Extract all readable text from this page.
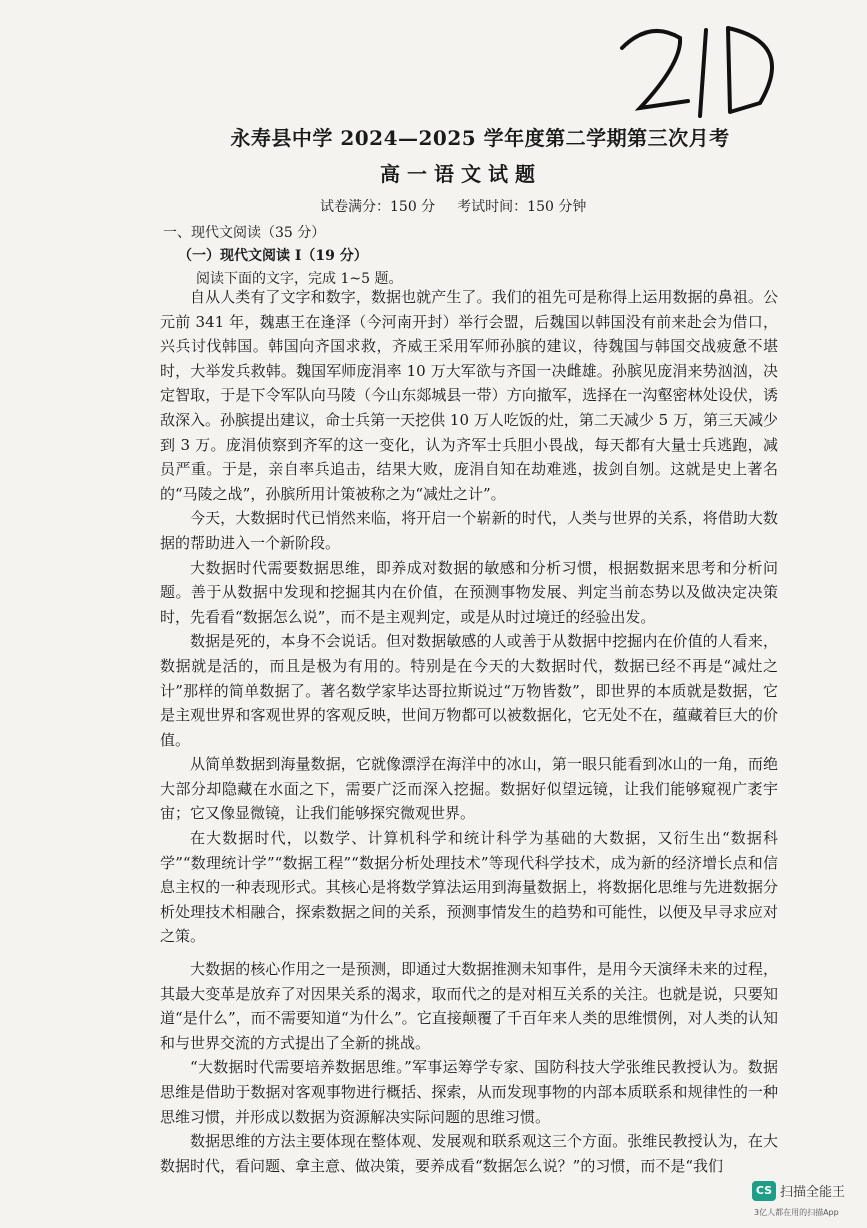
永寿县中学 2024—2025 学年度第二学期第三次月考
高一语文试题
试卷满分：150 分 考试时间：150 分钟
一、现代文阅读（35 分）
（一）现代文阅读 Ⅰ（19 分）
阅读下面的文字，完成 1~5 题。

自从人类有了文字和数字，数据也就产生了。我们的祖先可是称得上运用数据的鼻祖。公元前 341 年，魏惠王在逢泽（今河南开封）举行会盟，后魏国以韩国没有前来赴会为借口，兴兵讨伐韩国。韩国向齐国求救，齐威王采用军师孙膑的建议，待魏国与韩国交战疲惫不堪时，大举发兵救韩。魏国军师庞涓率 10 万大军欲与齐国一决雌雄。孙膑见庞涓来势汹汹，决定智取，于是下令军队向马陵（今山东郯城县一带）方向撤军，选择在一沟壑密林处设伏，诱敌深入。孙膑提出建议，命士兵第一天挖供 10 万人吃饭的灶，第二天减少 5 万，第三天减少到 3 万。庞涓侦察到齐军的这一变化，认为齐军士兵胆小畏战，每天都有大量士兵逃跑，减员严重。于是，亲自率兵追击，结果大败，庞涓自知在劫难逃，拔剑自刎。这就是史上著名的“马陵之战”，孙膑所用计策被称之为“减灶之计”。

今天，大数据时代已悄然来临，将开启一个崭新的时代，人类与世界的关系，将借助大数据的帮助进入一个新阶段。

大数据时代需要数据思维，即养成对数据的敏感和分析习惯，根据数据来思考和分析问题。善于从数据中发现和挖掘其内在价值，在预测事物发展、判定当前态势以及做决定决策时，先看看“数据怎么说”，而不是主观判定，或是从时过境迁的经验出发。

数据是死的，本身不会说话。但对数据敏感的人或善于从数据中挖掘内在价值的人看来，数据就是活的，而且是极为有用的。特别是在今天的大数据时代，数据已经不再是“减灶之计”那样的简单数据了。著名数学家毕达哥拉斯说过“万物皆数”，即世界的本质就是数据，它是主观世界和客观世界的客观反映，世间万物都可以被数据化，它无处不在，蕴藏着巨大的价值。

从简单数据到海量数据，它就像漂浮在海洋中的冰山，第一眼只能看到冰山的一角，而绝大部分却隐藏在水面之下，需要广泛而深入挖掘。数据好似望远镜，让我们能够窥视广袤宇宙；它又像显微镜，让我们能够探究微观世界。

在大数据时代，以数学、计算机科学和统计科学为基础的大数据，又衍生出“数据科学”“数理统计学”“数据工程”“数据分析处理技术”等现代科学技术，成为新的经济增长点和信息主权的一种表现形式。其核心是将数学算法运用到海量数据上，将数据化思维与先进数据分析处理技术相融合，探索数据之间的关系，预测事情发生的趋势和可能性，以便及早寻求应对之策。

大数据的核心作用之一是预测，即通过大数据推测未知事件，是用今天演绎未来的过程，其最大变革是放弃了对因果关系的渴求，取而代之的是对相互关系的关注。也就是说，只要知道“是什么”，而不需要知道“为什么”。它直接颠覆了千百年来人类的思维惯例，对人类的认知和与世界交流的方式提出了全新的挑战。

“大数据时代需要培养数据思维。”军事运筹学专家、国防科技大学张维民教授认为。数据思维是借助于数据对客观事物进行概括、探索，从而发现事物的内部本质联系和规律性的一种思维习惯，并形成以数据为资源解决实际问题的思维习惯。

数据思维的方法主要体现在整体观、发展观和联系观这三个方面。张维民教授认为，在大数据时代，看问题、拿主意、做决策，要养成看“数据怎么说？”的习惯，而不是“我们

CS 扫描全能王
3亿人都在用的扫描App
